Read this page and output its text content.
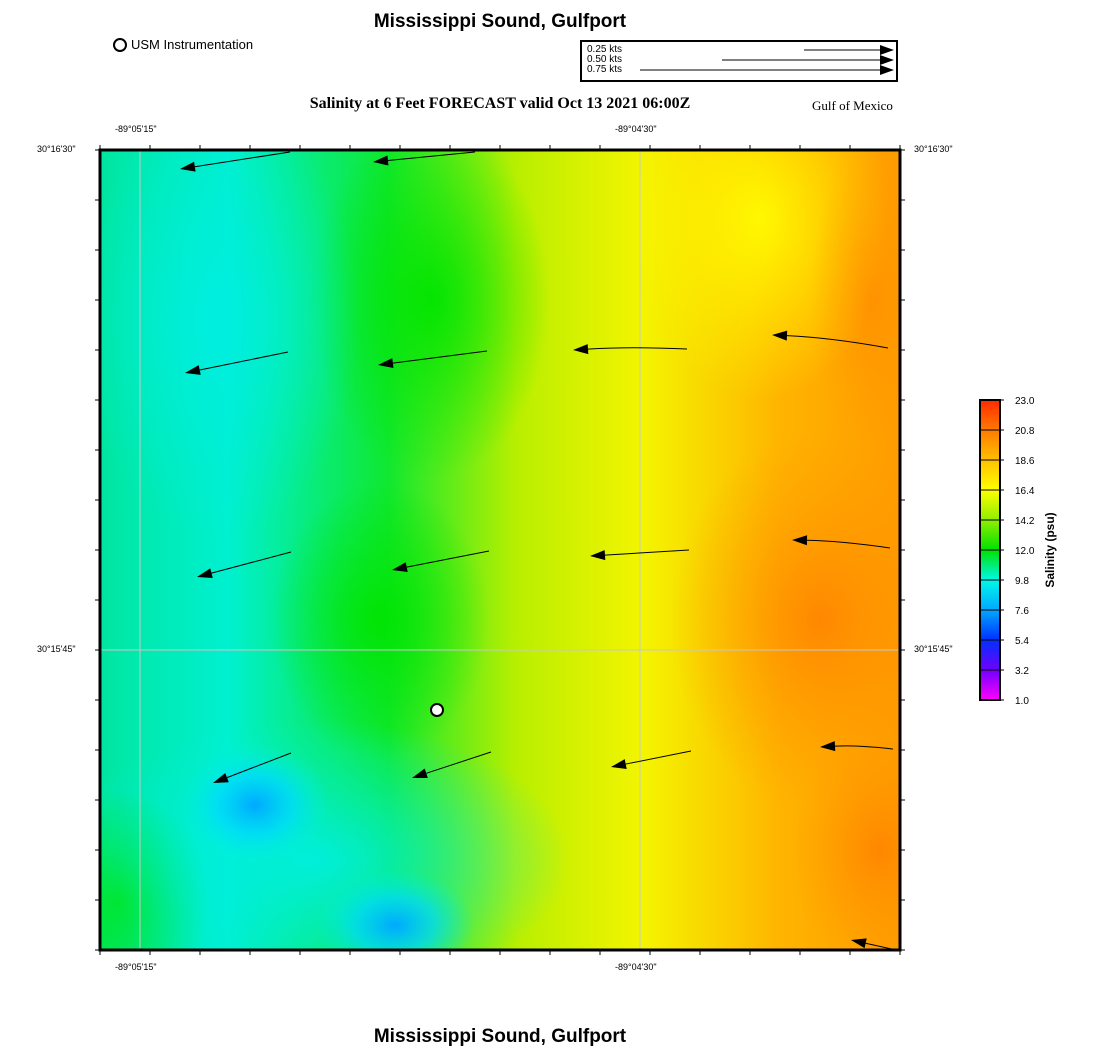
Mississippi Sound, Gulfport
Salinity at 6 Feet FORECAST valid Oct 13 2021 06:00Z	Gulf of Mexico
Mississippi Sound, Gulfport
USM Instrumentation	0.25 kts
0.50 kts
0.75 kts
-89°05'15"	-89°04'30"
-89°05'15"	-89°04'30"
30°16'30"
30°15'45"
30°16'30"
30°15'45"
23.0
20.8
18.6
16.4
14.2
12.0
9.8
7.6
5.4
3.2
1.0
Salinity (psu)
